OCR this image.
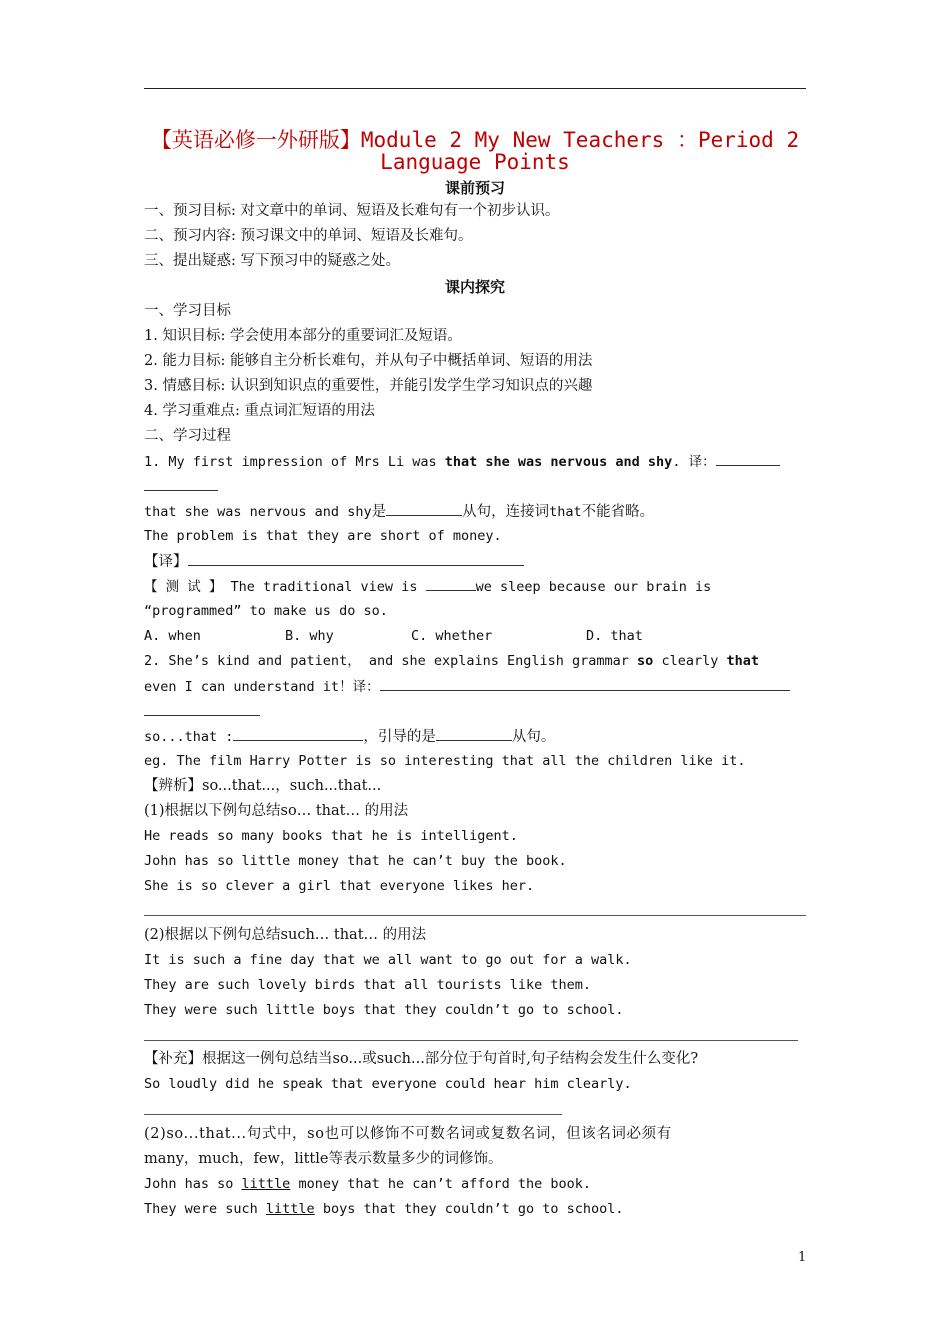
【英语必修一外研版】Module 2 My New Teachers ：Period 2
Language Points
课前预习
一、预习目标: 对文章中的单词、短语及长难句有一个初步认识。
二、预习内容: 预习课文中的单词、短语及长难句。
三、提出疑惑: 写下预习中的疑惑之处。
课内探究
一、学习目标
1. 知识目标: 学会使用本部分的重要词汇及短语。
2. 能力目标: 能够自主分析长难句，并从句子中概括单词、短语的用法
3. 情感目标: 认识到知识点的重要性，并能引发学生学习知识点的兴趣
4. 学习重难点: 重点词汇短语的用法
二、学习过程
1. My first impression of Mrs Li was that she was nervous and shy. 译：
that she was nervous and shy是	从句，连接词that不能省略。
The problem is that they are short of money.
【译】
【 测 试 】 The traditional view is	we sleep because our brain is
“programmed” to make us do so.
A. when	B. why	C. whether	D. that
2. She’s kind and patient， and she explains English grammar so clearly that
even I can understand it！译：
so...that :	，引导的是	从句。
eg. The film Harry Potter is so interesting that all the children like it.
【辨析】so...that...，such...that...
(1)根据以下例句总结so… that… 的用法
He reads so many books that he is intelligent.
John has so little money that he can’t buy the book.
She is so clever a girl that everyone likes her.
(2)根据以下例句总结such… that… 的用法
It is such a fine day that we all want to go out for a walk.
They are such lovely birds that all tourists like them.
They were such little boys that they couldn’t go to school.
【补充】根据这一例句总结当so...或such...部分位于句首时,句子结构会发生什么变化?
So loudly did he speak that everyone could hear him clearly.
(2)so...that...句式中，so也可以修饰不可数名词或复数名词，但该名词必须有
many，much，few，little等表示数量多少的词修饰。
John has so little money that he can’t afford the book.
They were such little boys that they couldn’t go to school.
1
